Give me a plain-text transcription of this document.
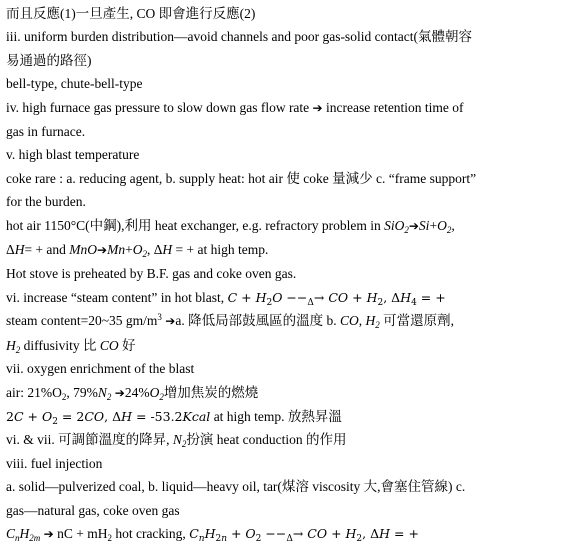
而且反應(1)一旦產生, CO 即會進行反應(2)
iii. uniform burden distribution—avoid channels and poor gas-solid contact(氣體朝容
易通過的路徑)
bell-type, chute-bell-type
iv. high furnace gas pressure to slow down gas flow rate ➔ increase retention time of
gas in furnace.
v. high blast temperature
coke rare : a. reducing agent, b. supply heat: hot air 使 coke 量減少 c. “frame support”
for the burden.
hot air 1150°C(中鋼),利用 heat exchanger, e.g. refractory problem in $SiO_2➔Si+O_2$,
ΔH= + and $MnO➔Mn+O_2$, ΔH = + at high temp.
Hot stove is preheated by B.F. gas and coke oven gas.
vi. increase “steam content” in hot blast, $C + H_2O --_\Delta\to$ CO + $H_2$, $\Delta H_4$ = +
steam content=20~35 $gm/m^3$ ➔a. 降低局部鼓風區的溫度 b. CO, $H_2$ 可當還原劑,
$H_2$ diffusivity 比 CO 好
vii. oxygen enrichment of the blast
air: $21\%O_2$, $79\%N_2$ $➔24\%O_2$增加焦炭的燃燒
$2C + O_2 = 2CO$, ΔH = -53.2Kcal at high temp. 放熱昇溫
vi. & vii. 可調節溫度的降昇, $N_2$扮演 heat conduction 的作用
viii. fuel injection
a. solid—pulverized coal, b. liquid—heavy oil, tar(煤溶 viscosity 大,會塞住管線) c.
gas—natural gas, coke oven gas
$C_nH_{2m}$ ➔ nC + $mH_2$ hot cracking, $C_nH_{2n} + O_2 --_\Delta\to$ CO + $H_2$, ΔH = +
